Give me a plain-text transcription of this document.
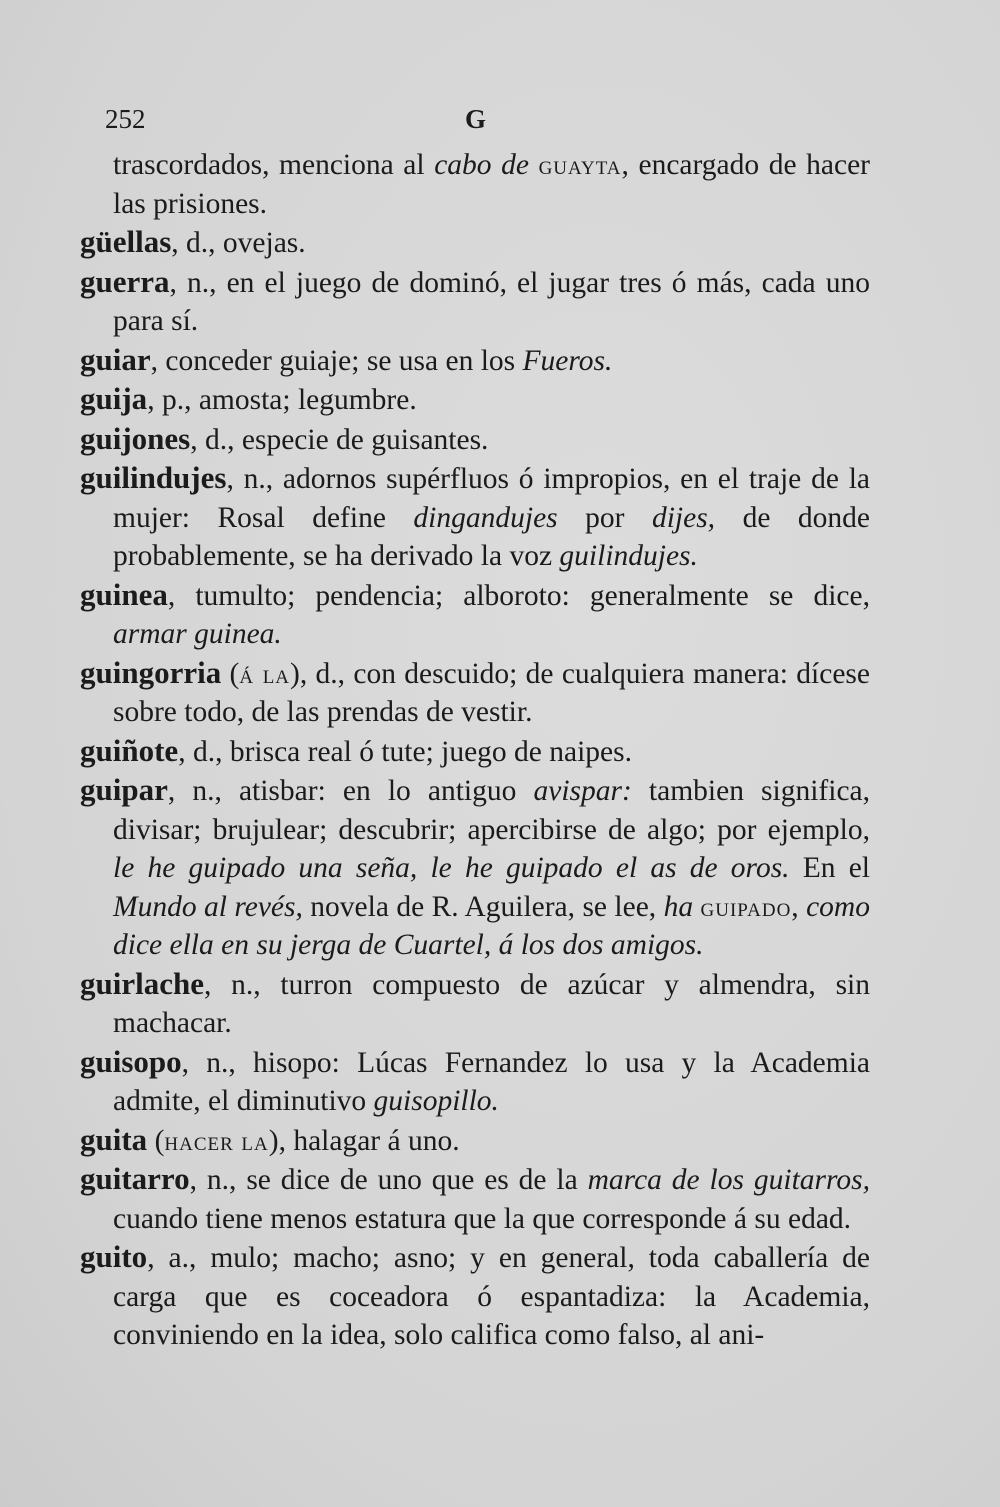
252	G

trascordados, menciona al cabo de guayta, encargado de hacer las prisiones.

güellas, d., ovejas.

guerra, n., en el juego de dominó, el jugar tres ó más, cada uno para sí.

guiar, conceder guiaje; se usa en los Fueros.

guija, p., amosta; legumbre.

guijones, d., especie de guisantes.

guilindujes, n., adornos supérfluos ó impropios, en el traje de la mujer: Rosal define dingandujes por dijes, de donde probablemente, se ha derivado la voz guilindujes.

guinea, tumulto; pendencia; alboroto: generalmente se dice, armar guinea.

guingorria (á la), d., con descuido; de cualquiera manera: dícese sobre todo, de las prendas de vestir.

guiñote, d., brisca real ó tute; juego de naipes.

guipar, n., atisbar: en lo antiguo avispar: tambien significa, divisar; brujulear; descubrir; apercibirse de algo; por ejemplo, le he guipado una seña, le he guipado el as de oros. En el Mundo al revés, novela de R. Aguilera, se lee, ha guipado, como dice ella en su jerga de Cuartel, á los dos amigos.

guirlache, n., turron compuesto de azúcar y almendra, sin machacar.

guisopo, n., hisopo: Lúcas Fernandez lo usa y la Academia admite, el diminutivo guisopillo.

guita (hacer la), halagar á uno.

guitarro, n., se dice de uno que es de la marca de los guitarros, cuando tiene menos estatura que la que corresponde á su edad.

guito, a., mulo; macho; asno; y en general, toda caballería de carga que es coceadora ó espantadiza: la Academia, conviniendo en la idea, solo califica como falso, al ani-
